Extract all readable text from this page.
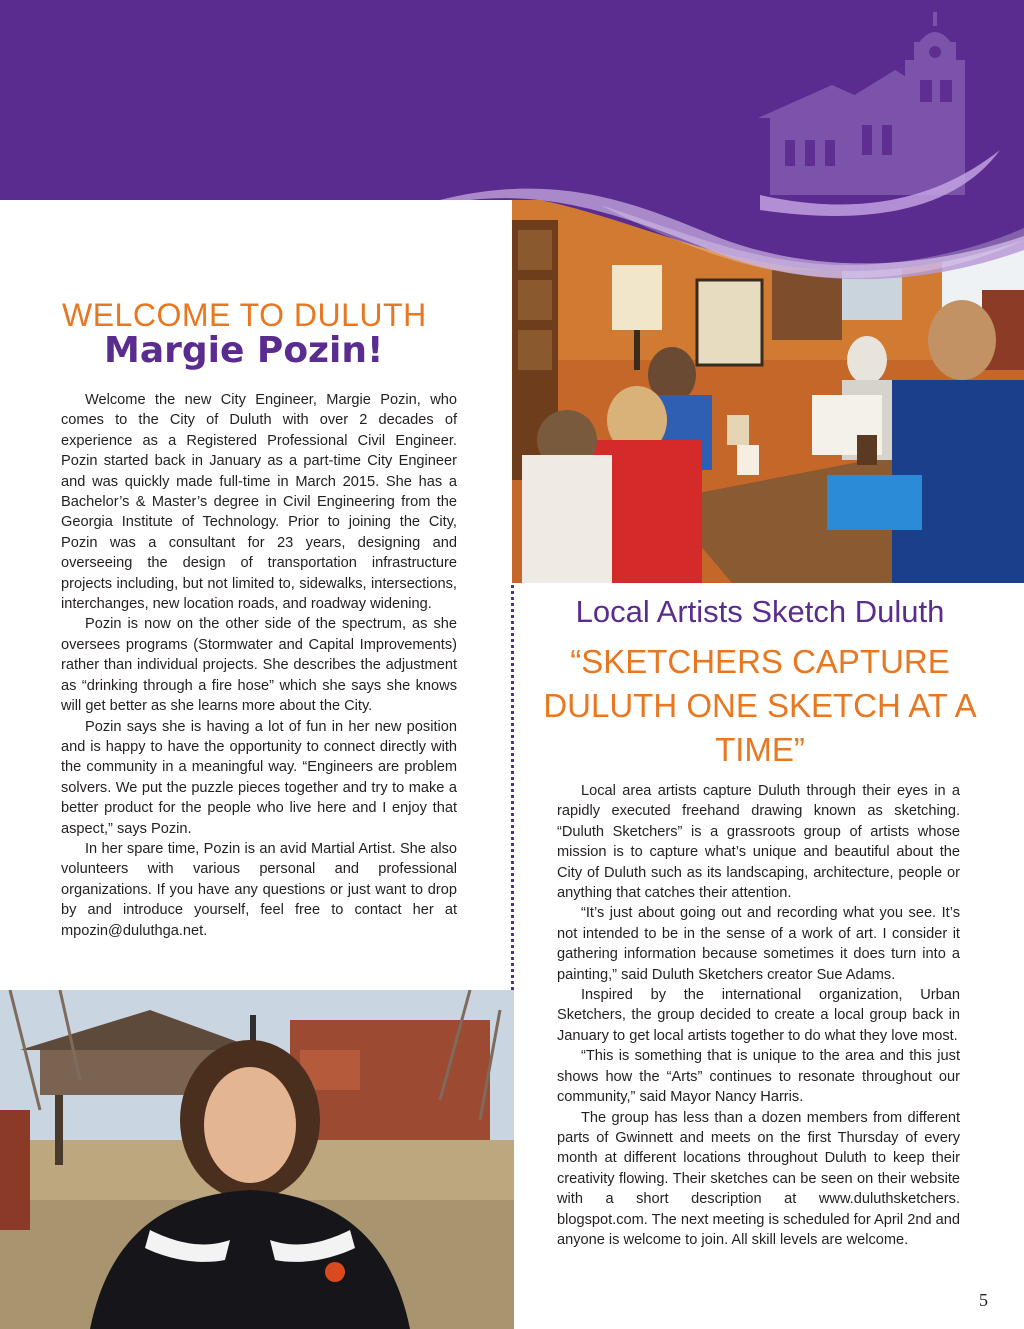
WELCOME TO DULUTH
Margie Pozin!

Welcome the new City Engineer, Margie Pozin, who comes to the City of Duluth with over 2 decades of experience as a Registered Professional Civil Engineer. Pozin started back in January as a part-time City Engineer and was quickly made full-time in March 2015. She has a Bachelor’s & Master’s degree in Civil Engineering from the Georgia Institute of Technology. Prior to joining the City, Pozin was a consultant for 23 years, designing and overseeing the design of transportation infrastructure projects including, but not limited to, sidewalks, intersections, interchanges, new location roads, and roadway widening.

Pozin is now on the other side of the spectrum, as she oversees programs (Stormwater and Capital Improvements) rather than individual projects. She describes the adjustment as “drinking through a fire hose” which she says she knows will get better as she learns more about the City.

Pozin says she is having a lot of fun in her new position and is happy to have the opportunity to connect directly with the community in a meaningful way. “Engineers are problem solvers. We put the puzzle pieces together and try to make a better product for the people who live here and I enjoy that aspect,” says Pozin.

In her spare time, Pozin is an avid Martial Artist. She also volunteers with various personal and professional organizations. If you have any questions or just want to drop by and introduce yourself, feel free to contact her at mpozin@duluthga.net.

Local Artists Sketch Duluth
“SKETCHERS CAPTURE DULUTH ONE SKETCH AT A TIME”

Local area artists capture Duluth through their eyes in a rapidly executed freehand drawing known as sketching. “Duluth Sketchers” is a grassroots group of artists whose mission is to capture what’s unique and beautiful about the City of Duluth such as its landscaping, architecture, people or anything that catches their attention.

“It’s just about going out and recording what you see. It’s not intended to be in the sense of a work of art. I consider it gathering information because sometimes it does turn into a painting,” said Duluth Sketchers creator Sue Adams.

Inspired by the international organization, Urban Sketchers, the group decided to create a local group back in January to get local artists together to do what they love most.

“This is something that is unique to the area and this just shows how the “Arts” continues to resonate throughout our community,” said Mayor Nancy Harris.

The group has less than a dozen members from different parts of Gwinnett and meets on the first Thursday of every month at different locations throughout Duluth to keep their creativity flowing. Their sketches can be seen on their website with a short description at www.duluthsketchers. blogspot.com. The next meeting is scheduled for April 2nd and anyone is welcome to join. All skill levels are welcome.

5
